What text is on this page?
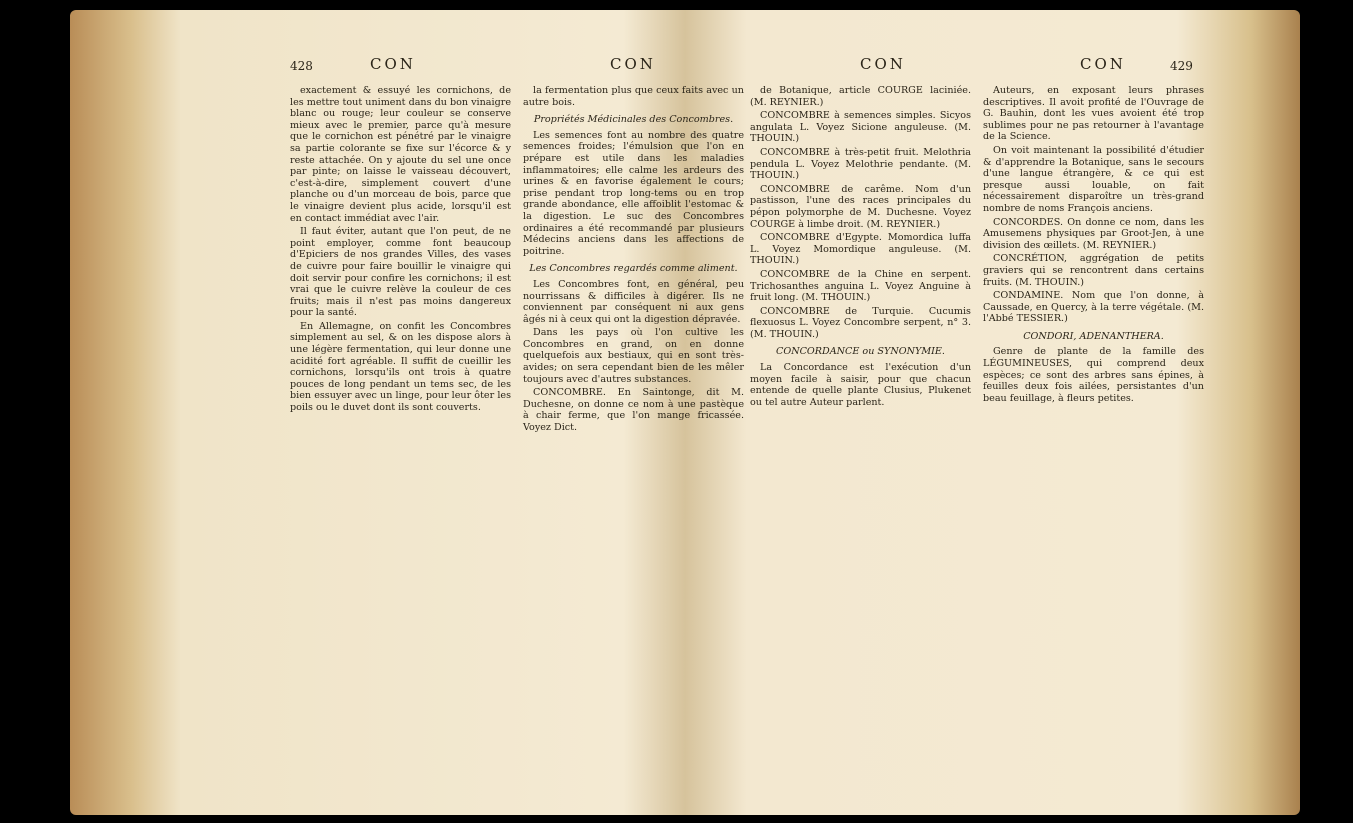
428	CON	CON

exactement & essuyé les cornichons, de les mettre tout uniment dans du bon vinaigre blanc ou rouge; leur couleur se conserve mieux avec le premier, parce qu'à mesure que le cornichon est pénétré par le vinaigre sa partie colorante se fixe sur l'écorce & y reste attachée. On y ajoute du sel une once par pinte; on laisse le vaisseau découvert, c'est-à-dire, simplement couvert d'une planche ou d'un morceau de bois, parce que le vinaigre devient plus acide, lorsqu'il est en contact immédiat avec l'air.

Il faut éviter, autant que l'on peut, de ne point employer, comme font beaucoup d'Epiciers de nos grandes Villes, des vases de cuivre pour faire bouillir le vinaigre qui doit servir pour confire les cornichons; il est vrai que le cuivre relève la couleur de ces fruits; mais il n'est pas moins dangereux pour la santé.

En Allemagne, on confit les Concombres simplement au sel, & on les dispose alors à une légère fermentation, qui leur donne une acidité fort agréable. Il suffit de cueillir les cornichons, lorsqu'ils ont trois à quatre pouces de long pendant un tems sec, de les bien essuyer avec un linge, pour leur ôter les poils ou le duvet dont ils sont couverts.

la fermentation plus que ceux faits avec un autre bois.

Propriétés Médicinales des Concombres.

Les semences font au nombre des quatre semences froides; l'émulsion que l'on en prépare est utile dans les maladies inflammatoires; elle calme les ardeurs des urines & en favorise également le cours; prise pendant trop long-tems ou en trop grande abondance, elle affoiblit l'estomac & la digestion. Le suc des Concombres ordinaires a été recommandé par plusieurs Médecins anciens dans les affections de poitrine.

Les Concombres regardés comme aliment.

Les Concombres font, en général, peu nourrissans & difficiles à digérer. Ils ne conviennent par conséquent ni aux gens âgés ni à ceux qui ont la digestion dépravée.

Dans les pays où l'on cultive les Concombres en grand, on en donne quelquefois aux bestiaux, qui en sont très-avides; on sera cependant bien de les mêler toujours avec d'autres substances.

CONCOMBRE. En Saintonge, dit M. Duchesne, on donne ce nom à une pastèque à chair ferme, que l'on mange fricassée. Voyez Dict.

CON	CON	429

de Botanique, article COURGE laciniée. (M. REYNIER.)

CONCOMBRE à semences simples. Sicyos angulata L. Voyez Sicione anguleuse. (M. THOUIN.)

CONCOMBRE à très-petit fruit. Melothria pendula L. Voyez Melothrie pendante. (M. THOUIN.)

CONCOMBRE de carême. Nom d'un pastisson, l'une des races principales du pépon polymorphe de M. Duchesne. Voyez COURGE à limbe droit. (M. REYNIER.)

CONCOMBRE d'Egypte. Momordica luffa L. Voyez Momordique anguleuse. (M. THOUIN.)

CONCOMBRE de la Chine en serpent. Trichosanthes anguina L. Voyez Anguine à fruit long. (M. THOUIN.)

CONCOMBRE de Turquie. Cucumis flexuosus L. Voyez Concombre serpent, n° 3. (M. THOUIN.)

CONCORDANCE ou SYNONYMIE.

La Concordance est l'exécution d'un moyen facile à saisir, pour que chacun entende de quelle plante Clusius, Plukenet ou tel autre Auteur parlent.

Auteurs, en exposant leurs phrases descriptives. Il avoit profité de l'Ouvrage de G. Bauhin, dont les vues avoient été trop sublimes pour ne pas retourner à l'avantage de la Science.

On voit maintenant la possibilité d'étudier & d'apprendre la Botanique, sans le secours d'une langue étrangère, & ce qui est presque aussi louable, on fait nécessairement disparoître un très-grand nombre de noms François anciens.

CONCORDES. On donne ce nom, dans les Amusemens physiques par Groot-Jen, à une division des œillets. (M. REYNIER.)

CONCRÉTION, aggrégation de petits graviers qui se rencontrent dans certains fruits. (M. THOUIN.)

CONDAMINE. Nom que l'on donne, à Caussade, en Quercy, à la terre végétale. (M. l'Abbé TESSIER.)

CONDORI, ADENANTHERA.

Genre de plante de la famille des LÉGUMINEUSES, qui comprend deux espèces; ce sont des arbres sans épines, à feuilles deux fois ailées, persistantes d'un beau feuillage, à fleurs petites.
